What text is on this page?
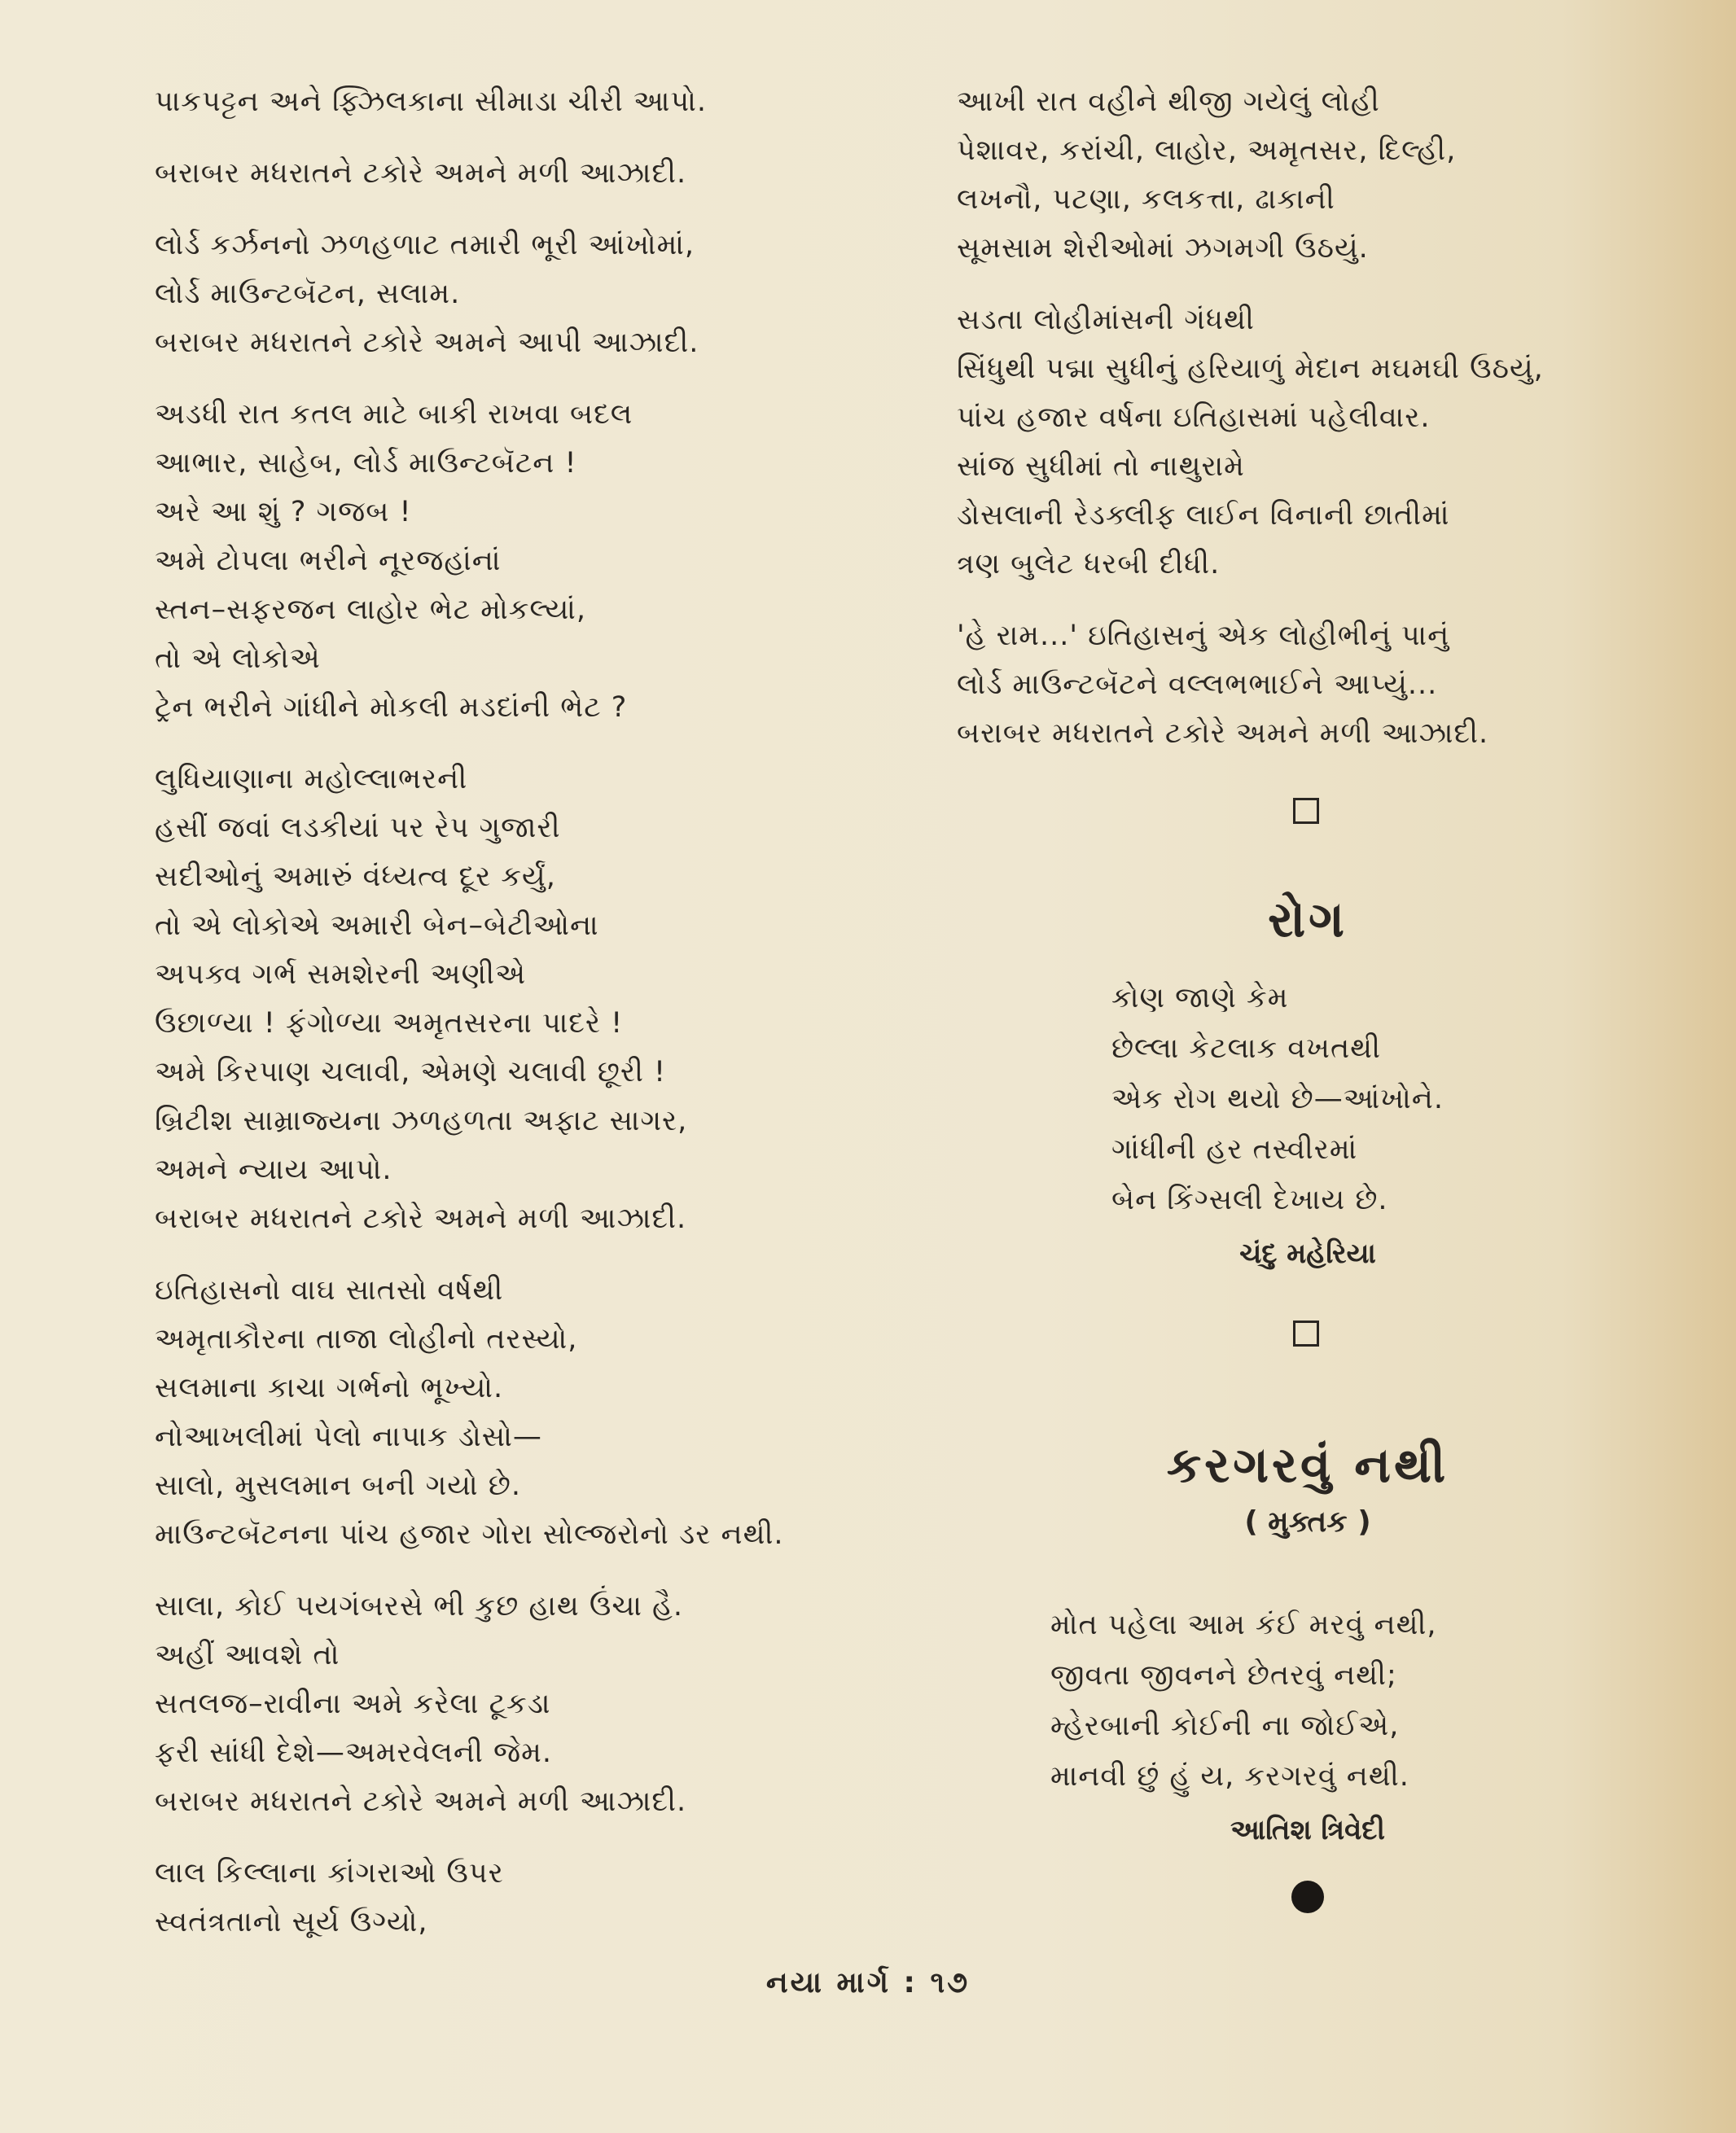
પાકપટ્ટન અને ફ્ઝિલકાના સીમાડા ચીરી આપો.
બરાબર મધરાતને ટકોરે અમને મળી આઝાદી.
લોર્ડ કર્ઝનનો ઝળહળાટ તમારી ભૂરી આંખોમાં,
લોર્ડ માઉન્ટબૅટન, સલામ.
બરાબર મધરાતને ટકોરે અમને આપી આઝાદી.
અડધી રાત કતલ માટે બાકી રાખવા બદલ
આભાર, સાહેબ, લોર્ડ માઉન્ટબૅટન !
અરે આ શું ? ગજબ !
અમે ટોપલા ભરીને નૂરજહાંનાં
સ્તન–સફરજન લાહોર ભેટ મોકલ્યાં,
તો એ લોકોએ
ટ્રેન ભરીને ગાંધીને મોકલી મડદાંની ભેટ ?
લુધિયાણાના મહોલ્લાભરની
હસીં જવાં લડકીયાં પર રેપ ગુજારી
સદીઓનું અમારું વંધ્યત્વ દૂર કર્યું,
તો એ લોકોએ અમારી બેન–બેટીઓના
અપક્વ ગર્ભ સમશેરની અણીએ
ઉછાળ્યા ! ફંગોળ્યા અમૃતસરના પાદરે !
અમે કિરપાણ ચલાવી, એમણે ચલાવી છૂરી !
બ્રિટીશ સામ્રાજ્યના ઝળહળતા અફાટ સાગર,
અમને ન્યાય આપો.
બરાબર મધરાતને ટકોરે અમને મળી આઝાદી.
ઇતિહાસનો વાઘ સાતસો વર્ષથી
અમૃતાકૌરના તાજા લોહીનો તરસ્યો,
સલમાના કાચા ગર્ભનો ભૂખ્યો.
નોઆખલીમાં પેલો નાપાક ડોસો—
સાલો, મુસલમાન બની ગયો છે.
માઉન્ટબૅટનના પાંચ હજાર ગોરા સોલ્જરોનો ડર નથી.
સાલા, કોઈ પયગંબરસે ભી કુછ હાથ ઉંચા હૈ.
અહીં આવશે તો
સતલજ–રાવીના અમે કરેલા ટૂકડા
ફરી સાંધી દેશે—અમરવેલની જેમ.
બરાબર મધરાતને ટકોરે અમને મળી આઝાદી.
લાલ કિલ્લાના કાંગરાઓ ઉપર
સ્વતંત્રતાનો સૂર્ય ઉગ્યો,
આખી રાત વહીને થીજી ગયેલું લોહી
પેશાવર, કરાંચી, લાહોર, અમૃતસર, દિલ્હી,
લખનૌ, પટણા, કલકત્તા, ઢાકાની
સૂમસામ શેરીઓમાં ઝગમગી ઉઠયું.
સડતા લોહીમાંસની ગંધથી
સિંધુથી પદ્મા સુધીનું હરિયાળું મેદાન મઘમઘી ઉઠયું,
પાંચ હજાર વર્ષના ઇતિહાસમાં પહેલીવાર.
સાંજ સુધીમાં તો નાથુરામે
ડોસલાની રેડક્લીફ લાઈન વિનાની છાતીમાં
ત્રણ બુલેટ ધરબી દીધી.
'હે રામ...' ઇતિહાસનું એક લોહીભીનું પાનું
લોર્ડ માઉન્ટબૅટને વલ્લભભાઈને આપ્યું...
બરાબર મધરાતને ટકોરે અમને મળી આઝાદી.
રોગ
કોણ જાણે કેમ
છેલ્લા કેટલાક વખતથી
એક રોગ થયો છે—આંખોને.
ગાંધીની હર તસ્વીરમાં
બેન કિંગ્સલી દેખાય છે.
ચંદુ મહેરિયા
કરગરવું નથી
( મુક્તક )
મોત પહેલા આમ કંઈ મરવું નથી,
જીવતા જીવનને છેતરવું નથી;
મ્હેરબાની કોઈની ના જોઈએ,
માનવી છું હું ય, કરગરવું નથી.
આતિશ ત્રિવેદી
નયા માર્ગ : ૧૭
